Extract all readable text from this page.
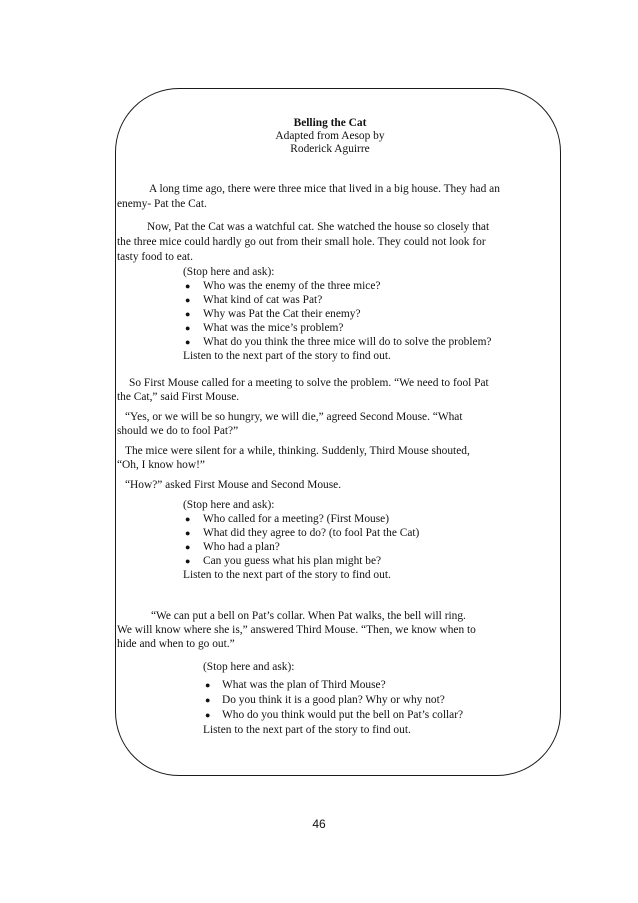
Belling the Cat
Adapted from Aesop by
Roderick Aguirre
A long time ago, there were three mice that lived in a big house. They had an
enemy- Pat the Cat.
Now, Pat the Cat was a watchful cat. She watched the house so closely that
the three mice could hardly go out from their small hole. They could not look for
tasty food to eat.
(Stop here and ask):
● Who was the enemy of the three mice?
● What kind of cat was Pat?
● Why was Pat the Cat their enemy?
● What was the mice’s problem?
● What do you think the three mice will do to solve the problem?
Listen to the next part of the story to find out.
So First Mouse called for a meeting to solve the problem. “We need to fool Pat
the Cat,” said First Mouse.
“Yes, or we will be so hungry, we will die,” agreed Second Mouse. “What
should we do to fool Pat?”
The mice were silent for a while, thinking. Suddenly, Third Mouse shouted,
“Oh, I know how!”
“How?” asked First Mouse and Second Mouse.
(Stop here and ask):
● Who called for a meeting? (First Mouse)
● What did they agree to do? (to fool Pat the Cat)
● Who had a plan?
● Can you guess what his plan might be?
Listen to the next part of the story to find out.
“We can put a bell on Pat’s collar. When Pat walks, the bell will ring.
We will know where she is,” answered Third Mouse. “Then, we know when to
hide and when to go out.”
(Stop here and ask):
● What was the plan of Third Mouse?
● Do you think it is a good plan? Why or why not?
● Who do you think would put the bell on Pat’s collar?
Listen to the next part of the story to find out.
46
